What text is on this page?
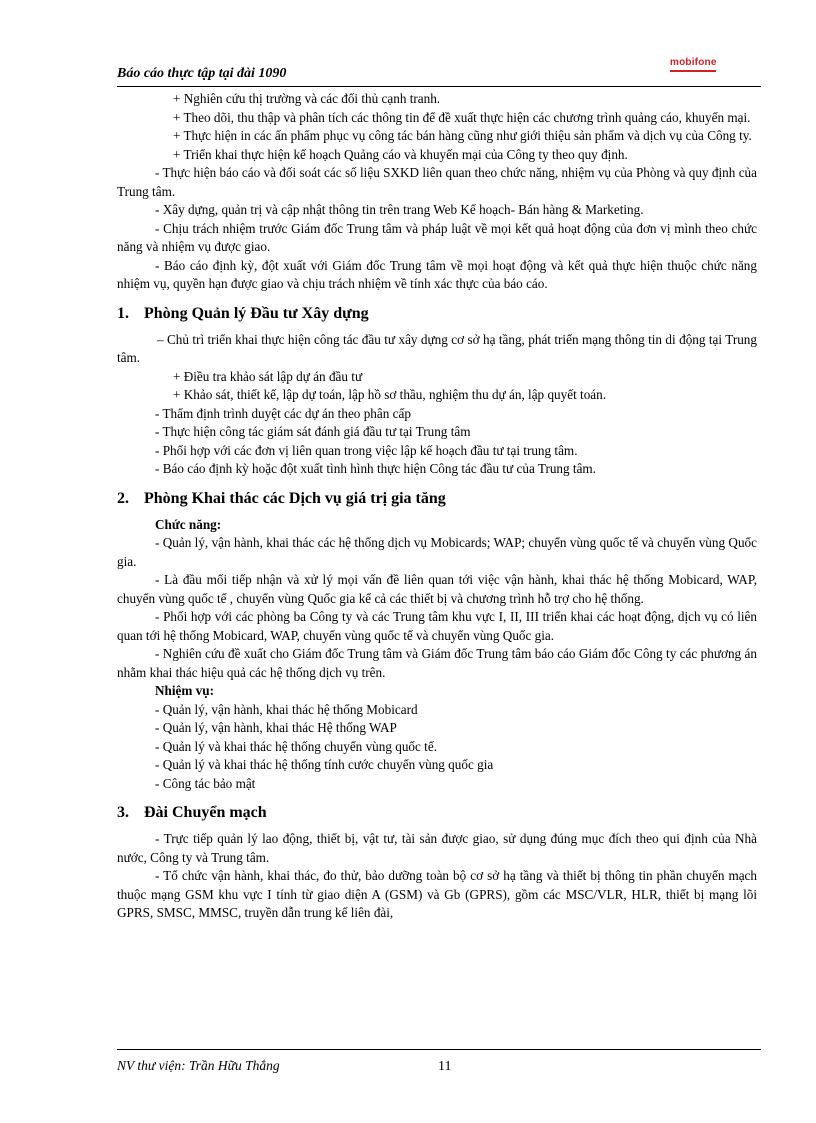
Báo cáo thực tập tại đài 1090
mobifone

+ Nghiên cứu thị trường và các đối thủ cạnh tranh.

+ Theo dõi, thu thập và phân tích các thông tin để đề xuất thực hiện các chương trình quảng cáo, khuyến mại.

+ Thực hiện in các ấn phẩm phục vụ công tác bán hàng cũng như giới thiệu sản phẩm và dịch vụ của Công ty.

+ Triển khai thực hiện kế hoạch Quảng cáo và khuyến mại của Công ty theo quy định.

- Thực hiện báo cáo và đối soát các số liệu SXKD liên quan theo chức năng, nhiệm vụ của Phòng và quy định của Trung tâm.

- Xây dựng, quản trị và cập nhật thông tin trên trang Web Kế hoạch- Bán hàng & Marketing.

- Chịu trách nhiệm trước Giám đốc Trung tâm và pháp luật về mọi kết quả hoạt động của đơn vị mình theo chức năng và nhiệm vụ được giao.

- Báo cáo định kỳ, đột xuất với Giám đốc Trung tâm về mọi hoạt động và kết quả thực hiện thuộc chức năng nhiệm vụ, quyền hạn được giao và chịu trách nhiệm về tính xác thực của báo cáo.

1. Phòng Quản lý Đầu tư Xây dựng

– Chủ trì triển khai thực hiện công tác đầu tư xây dựng cơ sở hạ tầng, phát triển mạng thông tin di động tại Trung tâm.

+ Điều tra khảo sát lập dự án đầu tư

+ Khảo sát, thiết kế, lập dự toán, lập hồ sơ thầu, nghiệm thu dự án, lập quyết toán.

- Thẩm định trình duyệt các dự án theo phân cấp

- Thực hiện công tác giám sát đánh giá đầu tư tại Trung tâm

- Phối hợp với các đơn vị liên quan trong việc lập kế hoạch đầu tư tại trung tâm.

- Báo cáo định kỳ hoặc đột xuất tình hình thực hiện Công tác đầu tư của Trung tâm.

2. Phòng Khai thác các Dịch vụ giá trị gia tăng

Chức năng:

- Quản lý, vận hành, khai thác các hệ thống dịch vụ Mobicards; WAP; chuyển vùng quốc tế và chuyển vùng Quốc gia.

- Là đầu mối tiếp nhận và xử lý mọi vấn đề liên quan tới việc vận hành, khai thác hệ thống Mobicard, WAP, chuyển vùng quốc tế , chuyển vùng Quốc gia kể cả các thiết bị và chương trình hỗ trợ cho hệ thống.

- Phối hợp với các phòng ba Công ty và các Trung tâm khu vực I, II, III triển khai các hoạt động, dịch vụ có liên quan tới hệ thống Mobicard, WAP, chuyển vùng quốc tế và chuyển vùng Quốc gia.

- Nghiên cứu đề xuất cho Giám đốc Trung tâm và Giám đốc Trung tâm báo cáo Giám đốc Công ty các phương án nhằm khai thác hiệu quả các hệ thống dịch vụ trên.

Nhiệm vụ:

- Quản lý, vận hành, khai thác hệ thống Mobicard

- Quản lý, vận hành, khai thác Hệ thống WAP

- Quản lý và khai thác hệ thống chuyển vùng quốc tế.

- Quản lý và khai thác hệ thống tính cước chuyển vùng quốc gia

- Công tác bảo mật

3. Đài Chuyển mạch

- Trực tiếp quản lý lao động, thiết bị, vật tư, tài sản được giao, sử dụng đúng mục đích theo qui định của Nhà nước, Công ty và Trung tâm.

- Tổ chức vận hành, khai thác, đo thử, bảo dưỡng toàn bộ cơ sở hạ tầng và thiết bị thông tin phần chuyển mạch thuộc mạng GSM khu vực I tính từ giao diện A (GSM) và Gb (GPRS), gồm các MSC/VLR, HLR, thiết bị mạng lõi GPRS, SMSC, MMSC, truyền dẫn trung kế liên đài,

NV thư viện: Trần Hữu Thắng	11
